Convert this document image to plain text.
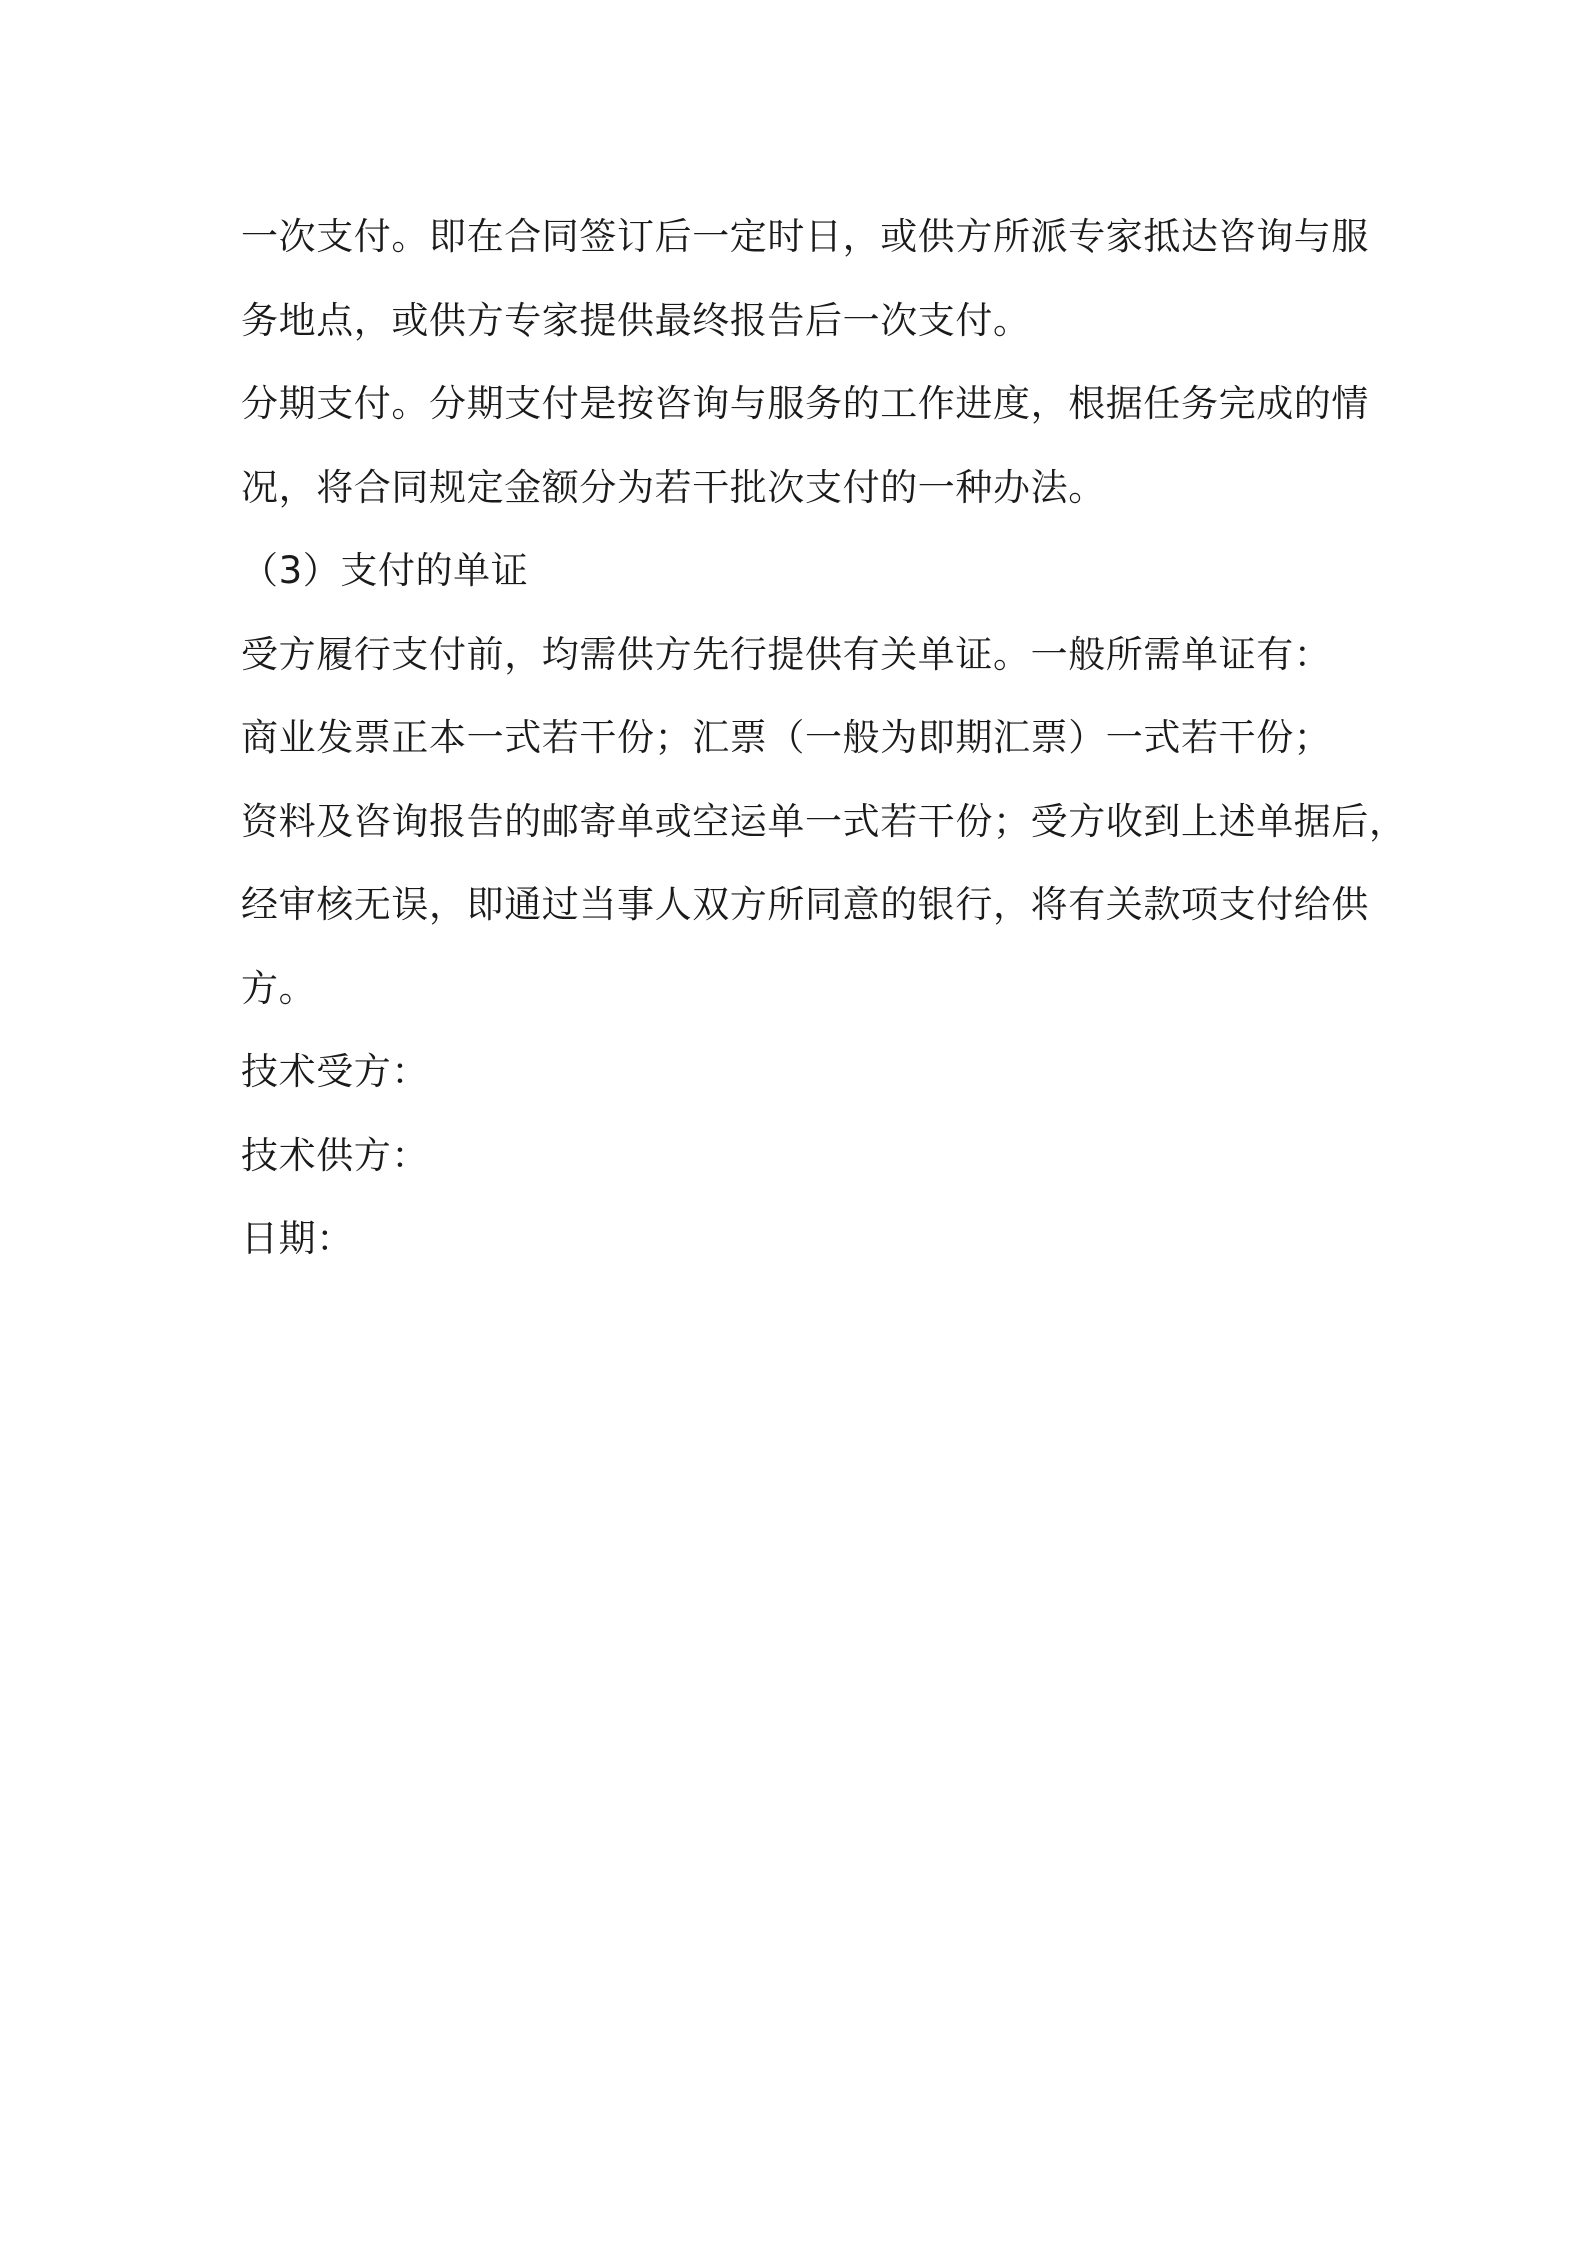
一次支付。即在合同签订后一定时日，或供方所派专家抵达咨询与服
务地点，或供方专家提供最终报告后一次支付。
分期支付。分期支付是按咨询与服务的工作进度，根据任务完成的情
况，将合同规定金额分为若干批次支付的一种办法。
（3）支付的单证
受方履行支付前，均需供方先行提供有关单证。一般所需单证有：
商业发票正本一式若干份；汇票（一般为即期汇票）一式若干份；
资料及咨询报告的邮寄单或空运单一式若干份；受方收到上述单据后，
经审核无误，即通过当事人双方所同意的银行，将有关款项支付给供
方。
技术受方：
技术供方：
日期：
